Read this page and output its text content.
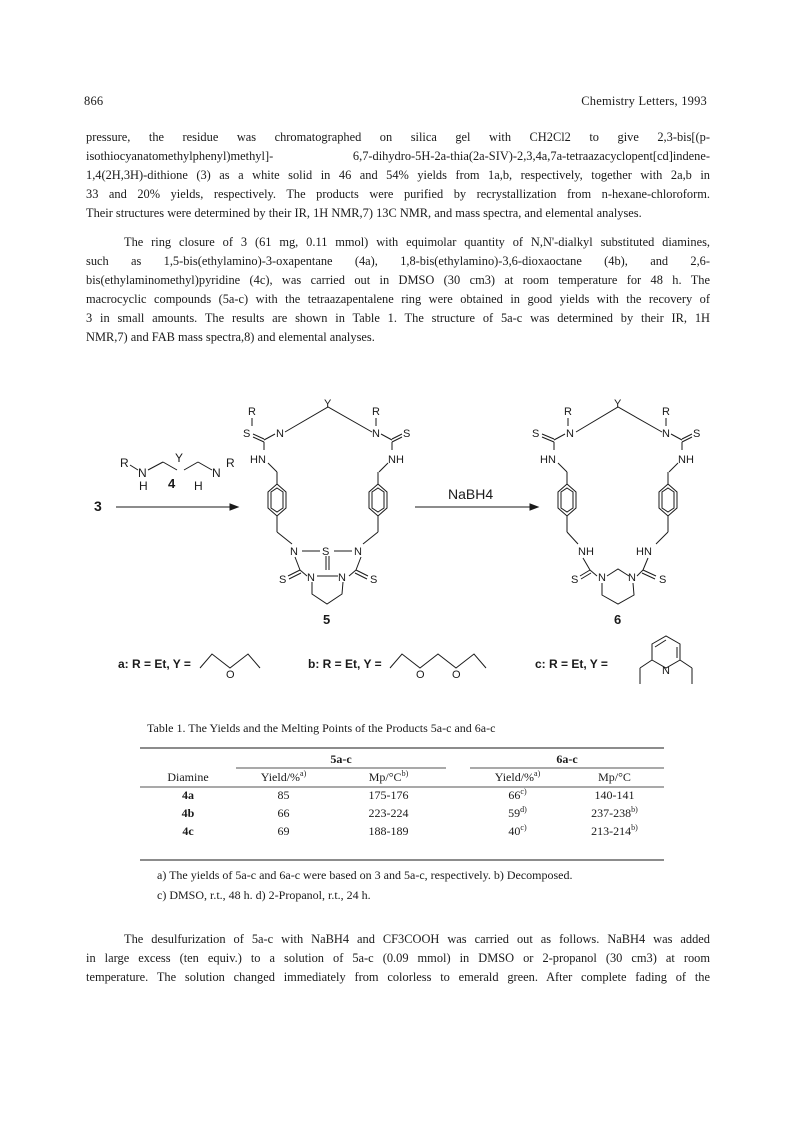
866	Chemistry Letters, 1993
pressure, the residue was chromatographed on silica gel with CH2Cl2 to give 2,3-bis[(p-
isothiocyanatomethylphenyl)methyl]- 6,7-dihydro-5H-2a-thia(2a-SIV)-2,3,4a,7a-tetraazacyclopent[cd]indene-
1,4(2H,3H)-dithione (3) as a white solid in 46 and 54% yields from 1a,b, respectively, together with 2a,b in
33 and 20% yields, respectively. The products were purified by recrystallization from n-hexane-chloroform.
Their structures were determined by their IR, 1H NMR,7) 13C NMR, and mass spectra, and elemental analyses.
The ring closure of 3 (61 mg, 0.11 mmol) with equimolar quantity of N,N'-dialkyl substituted diamines,
such as 1,5-bis(ethylamino)-3-oxapentane (4a), 1,8-bis(ethylamino)-3,6-dioxaoctane (4b), and 2,6-
bis(ethylaminomethyl)pyridine (4c), was carried out in DMSO (30 cm3) at room temperature for 48 h. The
macrocyclic compounds (5a-c) with the tetraazapentalene ring were obtained in good yields with the recovery of
3 in small amounts. The results are shown in Table 1. The structure of 5a-c was determined by their IR, 1H
NMR,7) and FAB mass spectra,8) and elemental analyses.
R
N
H
Y
N
H
R
4
3
Y
R	R
N	N
S	S
HN	NH
N S N
N N
S	S
5
NaBH4
Y
R	R
N	N
S	S
HN	NH
NH	HN
N N
S	S
6
a: R = Et, Y =
O
b: R = Et, Y =
O O
c: R = Et, Y =	N
Table 1. The Yields and the Melting Points of the Products 5a-c and 6a-c
	5a-c			6a-c	
Diamine	Yield/%$^{a)}$	$Mp/^\circ C^{b)}$		Yield/%$^{a)}$	Mp/°C
4a	85	175-176		66$^{c)}$	140-141
4b	66	223-224		59$^{d)}$	237-238$^{b)}$
4c	69	188-189		40$^{c)}$	213-214$^{b)}$
a) The yields of 5a-c and 6a-c were based on 3 and 5a-c, respectively. b) Decomposed.
c) DMSO, r.t., 48 h. d) 2-Propanol, r.t., 24 h.
The desulfurization of 5a-c with NaBH4 and CF3COOH was carried out as follows. NaBH4 was added
in large excess (ten equiv.) to a solution of 5a-c (0.09 mmol) in DMSO or 2-propanol (30 cm3) at room
temperature. The solution changed immediately from colorless to emerald green. After complete fading of the
